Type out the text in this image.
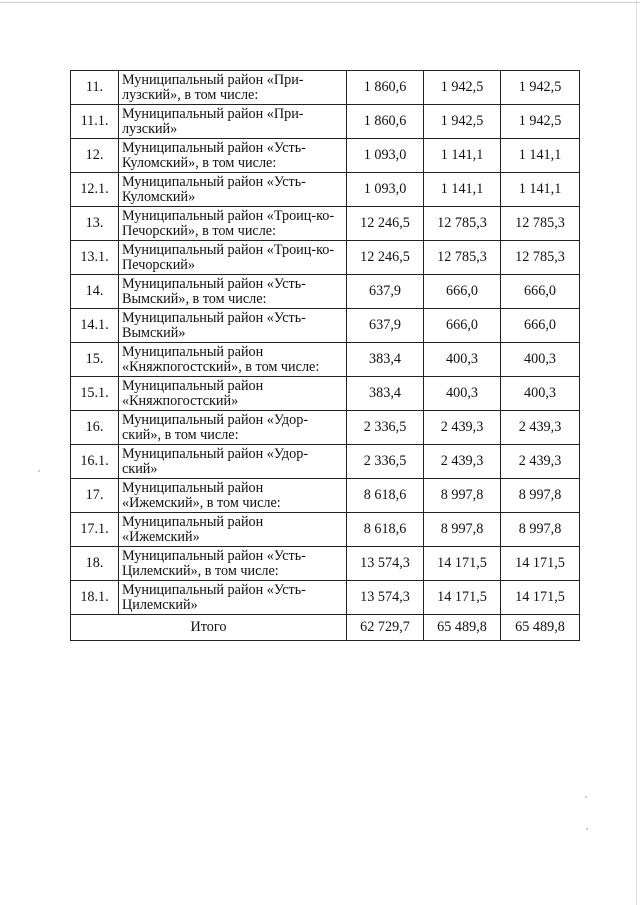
11.	Муниципальный район «При-лузский», в том числе:	1 860,6	1 942,5	1 942,5
11.1.	Муниципальный район «При-лузский»	1 860,6	1 942,5	1 942,5
12.	Муниципальный район «Усть-Куломский», в том числе:	1 093,0	1 141,1	1 141,1
12.1.	Муниципальный район «Усть-Куломский»	1 093,0	1 141,1	1 141,1
13.	Муниципальный район «Троиц-ко-Печорский», в том числе:	12 246,5	12 785,3	12 785,3
13.1.	Муниципальный район «Троиц-ко-Печорский»	12 246,5	12 785,3	12 785,3
14.	Муниципальный район «Усть-Вымский», в том числе:	637,9	666,0	666,0
14.1.	Муниципальный район «Усть-Вымский»	637,9	666,0	666,0
15.	Муниципальный район «Княжпогостский», в том числе:	383,4	400,3	400,3
15.1.	Муниципальный район «Княжпогостский»	383,4	400,3	400,3
16.	Муниципальный район «Удор-ский», в том числе:	2 336,5	2 439,3	2 439,3
16.1.	Муниципальный район «Удор-ский»	2 336,5	2 439,3	2 439,3
17.	Муниципальный район «Ижемский», в том числе:	8 618,6	8 997,8	8 997,8
17.1.	Муниципальный район «Ижемский»	8 618,6	8 997,8	8 997,8
18.	Муниципальный район «Усть-Цилемский», в том числе:	13 574,3	14 171,5	14 171,5
18.1.	Муниципальный район «Усть-Цилемский»	13 574,3	14 171,5	14 171,5
Итого		62 729,7	65 489,8	65 489,8
